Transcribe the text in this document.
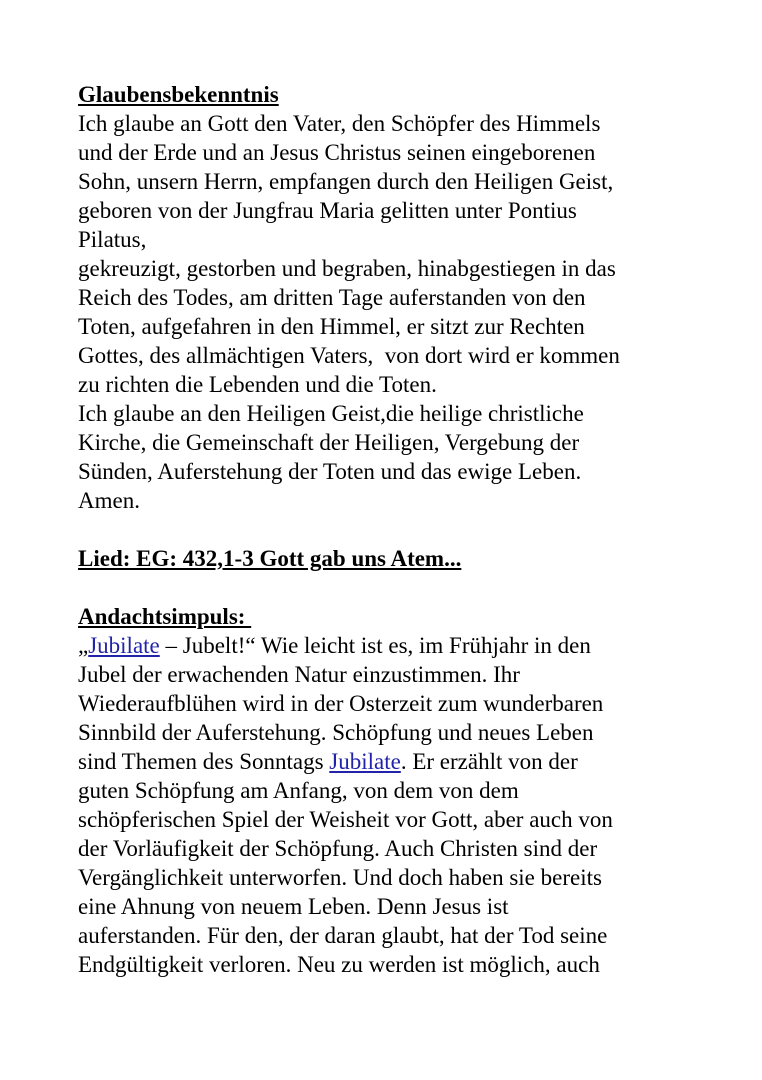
Glaubensbekenntnis
Ich glaube an Gott den Vater, den Schöpfer des Himmels
und der Erde und an Jesus Christus seinen eingeborenen
Sohn, unsern Herrn, empfangen durch den Heiligen Geist,
geboren von der Jungfrau Maria gelitten unter Pontius
Pilatus,
gekreuzigt, gestorben und begraben, hinabgestiegen in das
Reich des Todes, am dritten Tage auferstanden von den
Toten, aufgefahren in den Himmel, er sitzt zur Rechten
Gottes, des allmächtigen Vaters,  von dort wird er kommen
zu richten die Lebenden und die Toten.
Ich glaube an den Heiligen Geist,die heilige christliche
Kirche, die Gemeinschaft der Heiligen, Vergebung der
Sünden, Auferstehung der Toten und das ewige Leben.
Amen.
Lied: EG: 432,1-3 Gott gab uns Atem...
Andachtsimpuls:
„Jubilate – Jubelt!“ Wie leicht ist es, im Frühjahr in den
Jubel der erwachenden Natur einzustimmen. Ihr
Wiederaufblühen wird in der Osterzeit zum wunderbaren
Sinnbild der Auferstehung. Schöpfung und neues Leben
sind Themen des Sonntags Jubilate. Er erzählt von der
guten Schöpfung am Anfang, von dem von dem
schöpferischen Spiel der Weisheit vor Gott, aber auch von
der Vorläufigkeit der Schöpfung. Auch Christen sind der
Vergänglichkeit unterworfen. Und doch haben sie bereits
eine Ahnung von neuem Leben. Denn Jesus ist
auferstanden. Für den, der daran glaubt, hat der Tod seine
Endgültigkeit verloren. Neu zu werden ist möglich, auch
